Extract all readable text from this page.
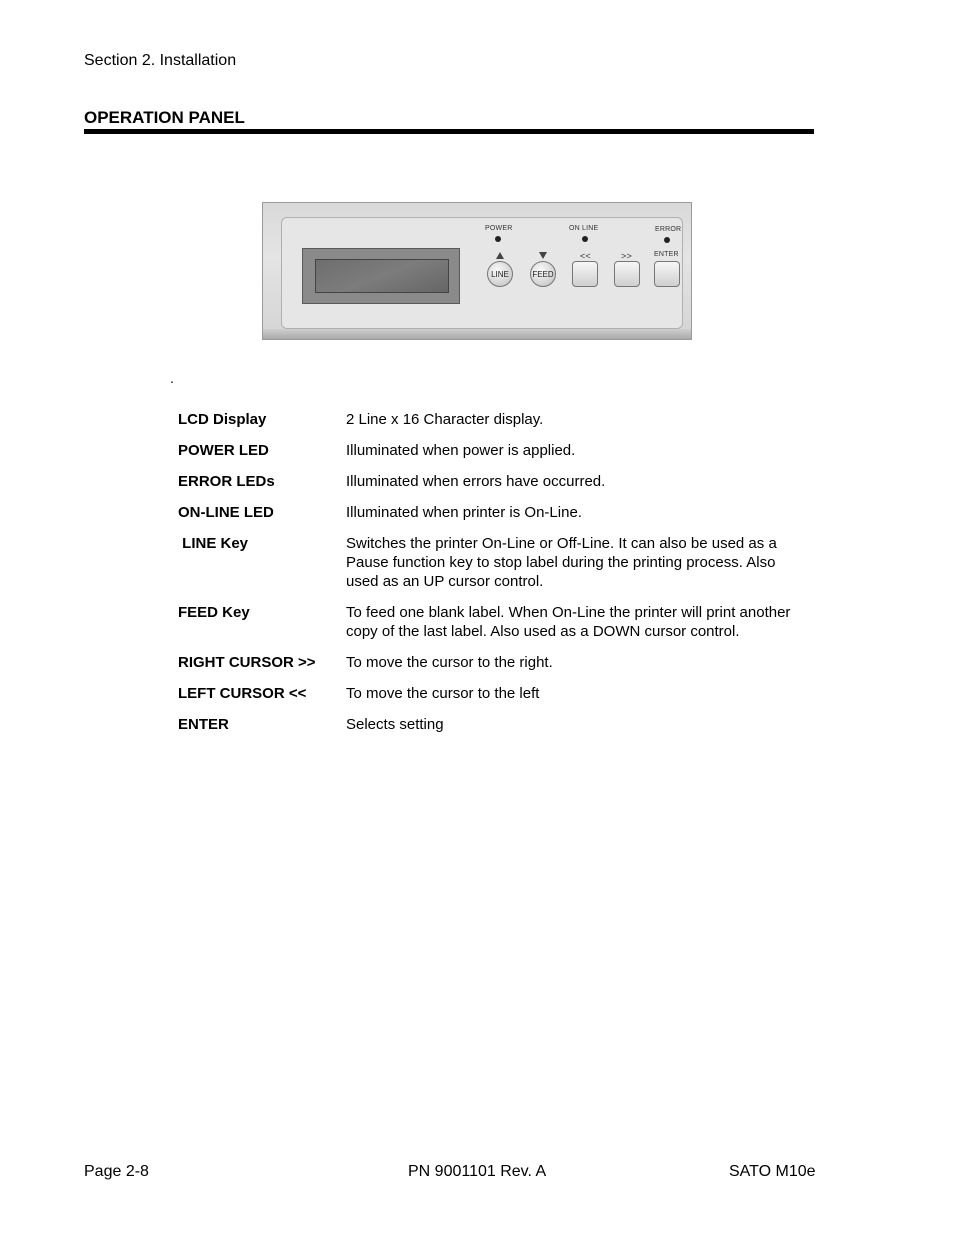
Section 2. Installation
OPERATION PANEL
POWER	ON LINE	ERROR
<<	>>	ENTER
LINE	FEED
.
LCD Display	2 Line x 16 Character display.
POWER LED	Illuminated when power is applied.
ERROR LEDs	Illuminated when errors have occurred.
ON-LINE LED	Illuminated when printer is On-Line.
LINE Key	Switches the printer On-Line or Off-Line. It can also be used as a Pause function key to stop label during the printing process. Also used as an UP cursor control.
FEED Key	To feed one blank label. When On-Line the printer will print another copy of the last label. Also used as a DOWN cursor control.
RIGHT CURSOR >>	To move the cursor to the right.
LEFT CURSOR <<	To move the cursor to the left
ENTER	Selects setting
Page 2-8	PN 9001101 Rev. A	SATO M10e
